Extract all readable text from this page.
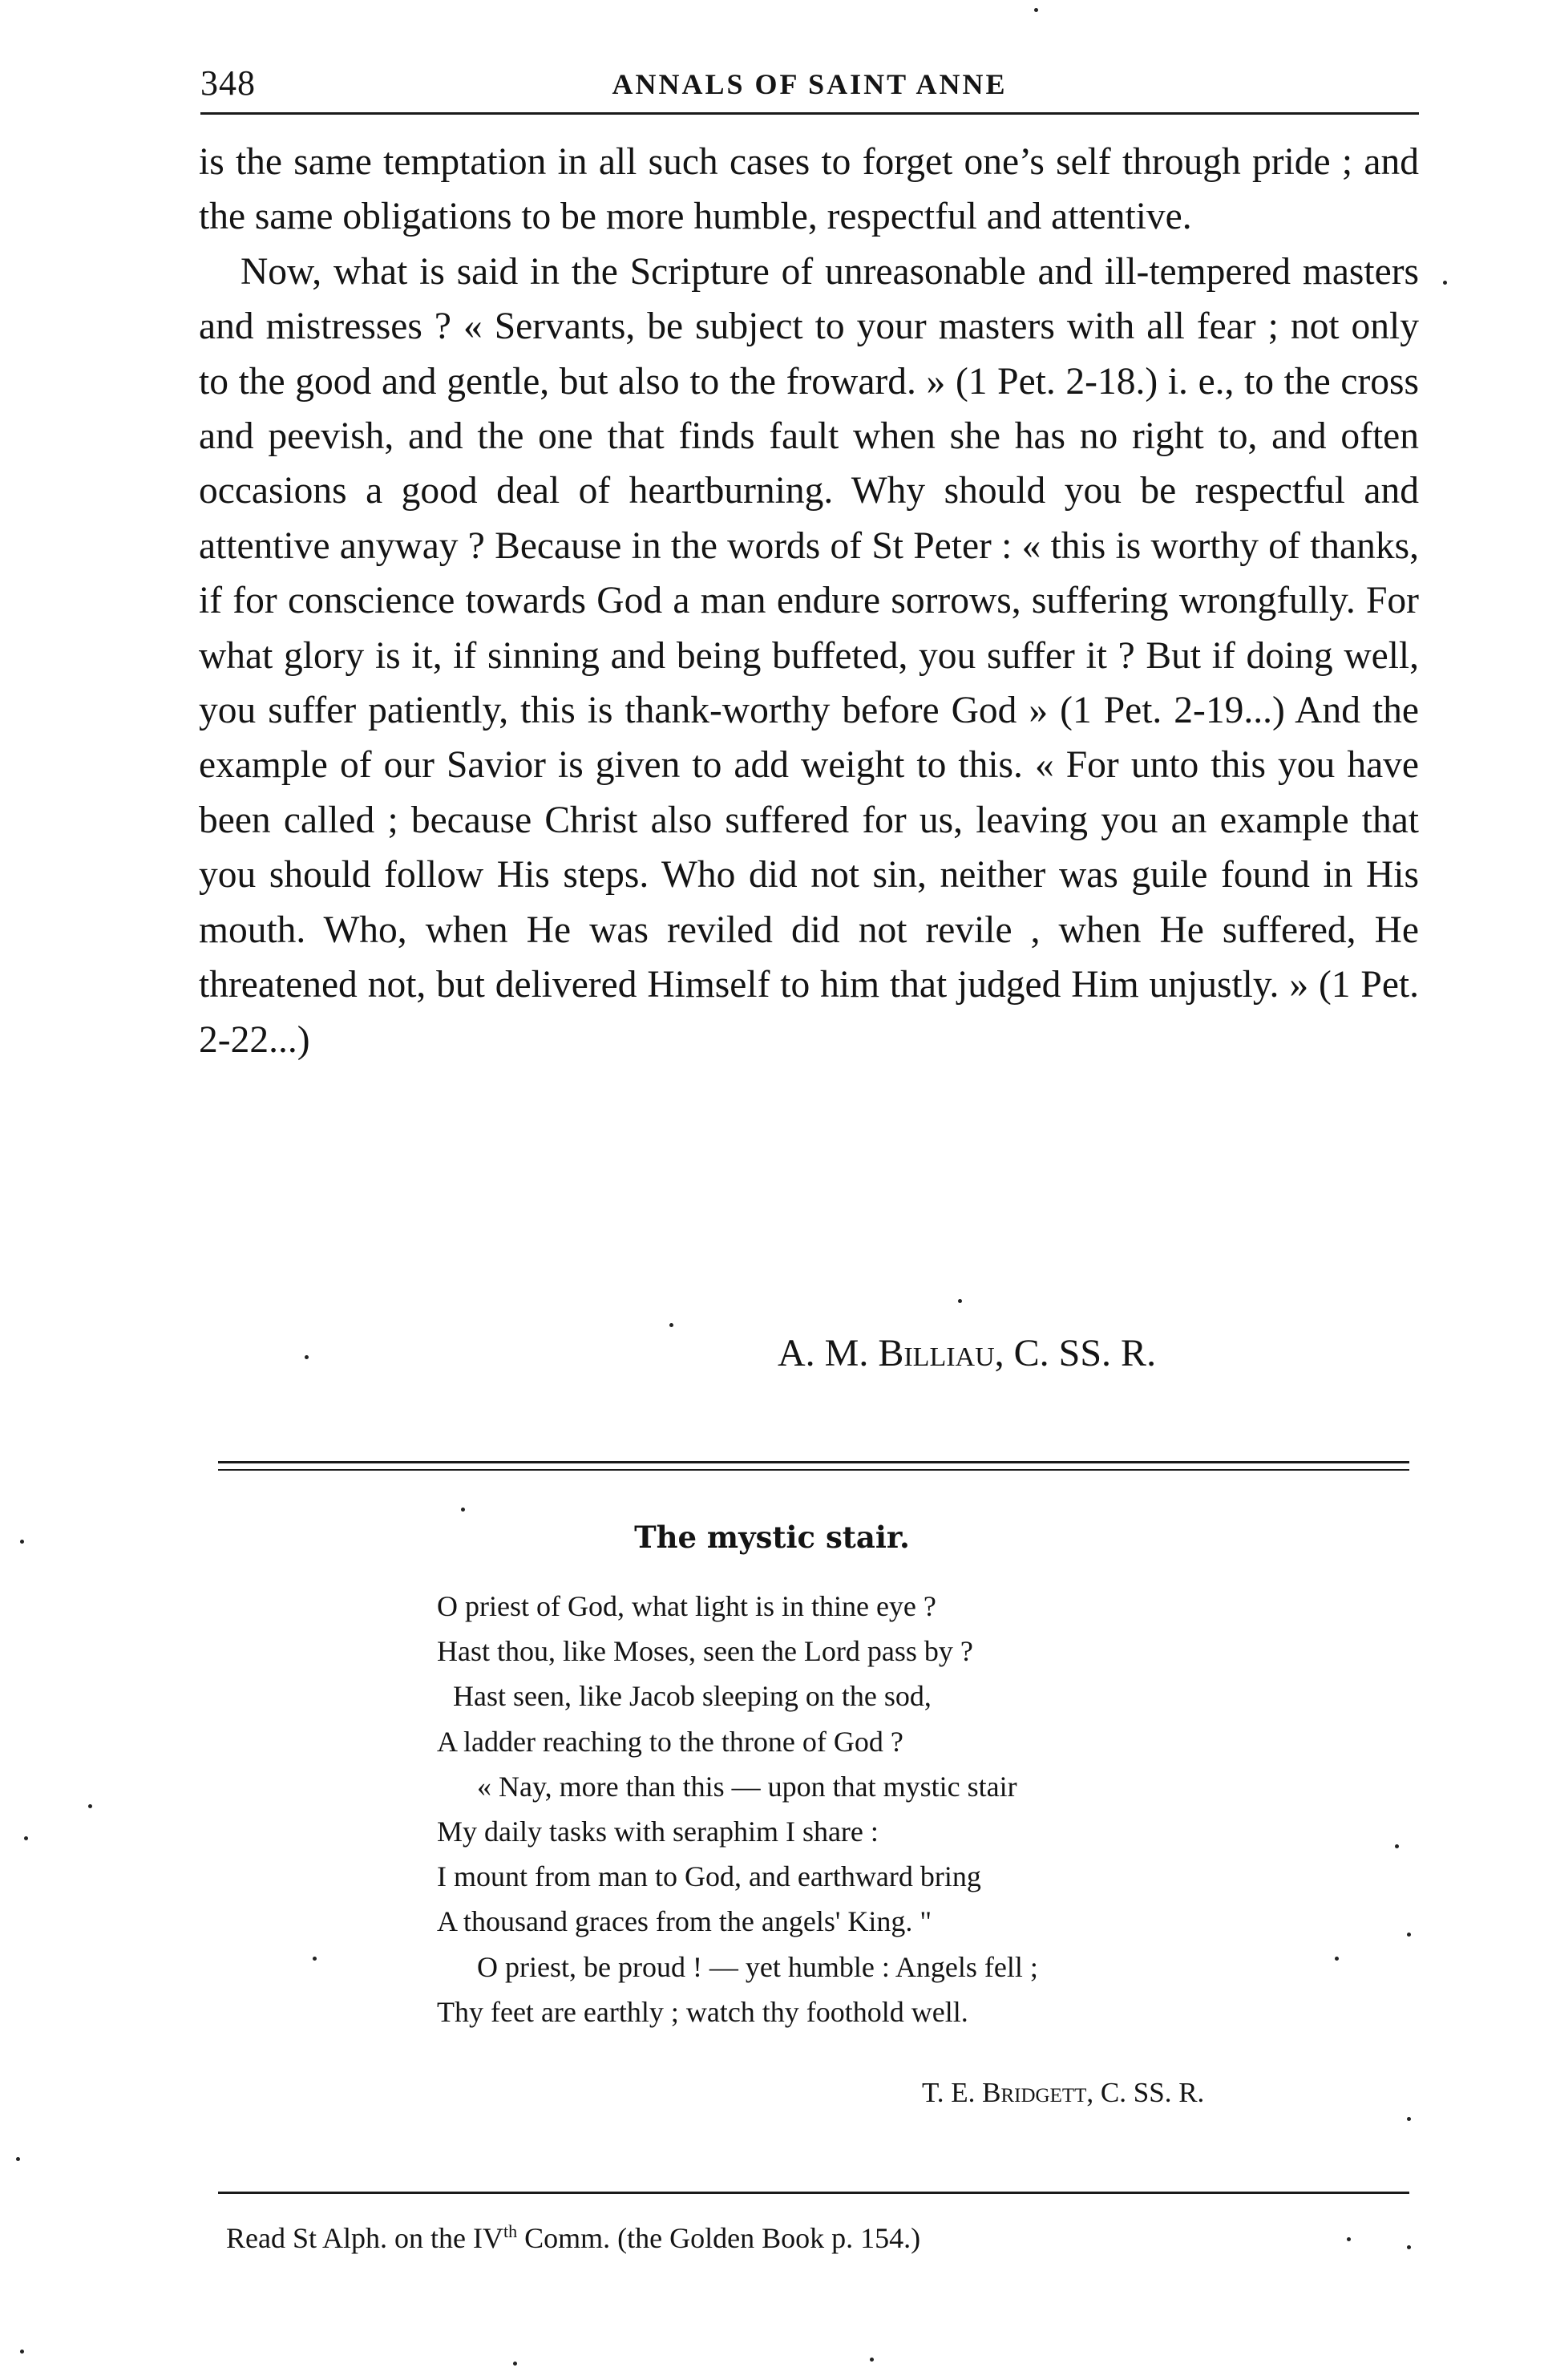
348	ANNALS OF SAINT ANNE

is the same temptation in all such cases to forget one’s self through pride ; and the same obligations to be more humble, respectful and attentive.

Now, what is said in the Scripture of unreasonable and ill-tempered masters and mistresses ? « Servants, be subject to your masters with all fear ; not only to the good and gentle, but also to the froward. » (1 Pet. 2-18.) i. e., to the cross and peevish, and the one that finds fault when she has no right to, and often occasions a good deal of heartburning. Why should you be respectful and attentive anyway ? Because in the words of St Peter : « this is worthy of thanks, if for conscience towards God a man endure sorrows, suffering wrongfully. For what glory is it, if sinning and being buffeted, you suffer it ? But if doing well, you suffer patiently, this is thank-worthy before God » (1 Pet. 2-19...) And the example of our Savior is given to add weight to this. « For unto this you have been called ; because Christ also suffered for us, leaving you an example that you should follow His steps. Who did not sin, neither was guile found in His mouth. Who, when He was reviled did not revile , when He suffered, He threatened not, but delivered Himself to him that judged Him unjustly. » (1 Pet. 2-22...)

A. M. Billiau, C. SS. R.
The mystic stair.
O priest of God, what light is in thine eye ?
Hast thou, like Moses, seen the Lord pass by ?
Hast seen, like Jacob sleeping on the sod,
A ladder reaching to the throne of God ?
« Nay, more than this — upon that mystic stair
My daily tasks with seraphim I share :
I mount from man to God, and earthward bring
A thousand graces from the angels' King. "
O priest, be proud ! — yet humble : Angels fell ;
Thy feet are earthly ; watch thy foothold well.
T. E. Bridgett, C. SS. R.
Read St Alph. on the IVth Comm. (the Golden Book p. 154.)
